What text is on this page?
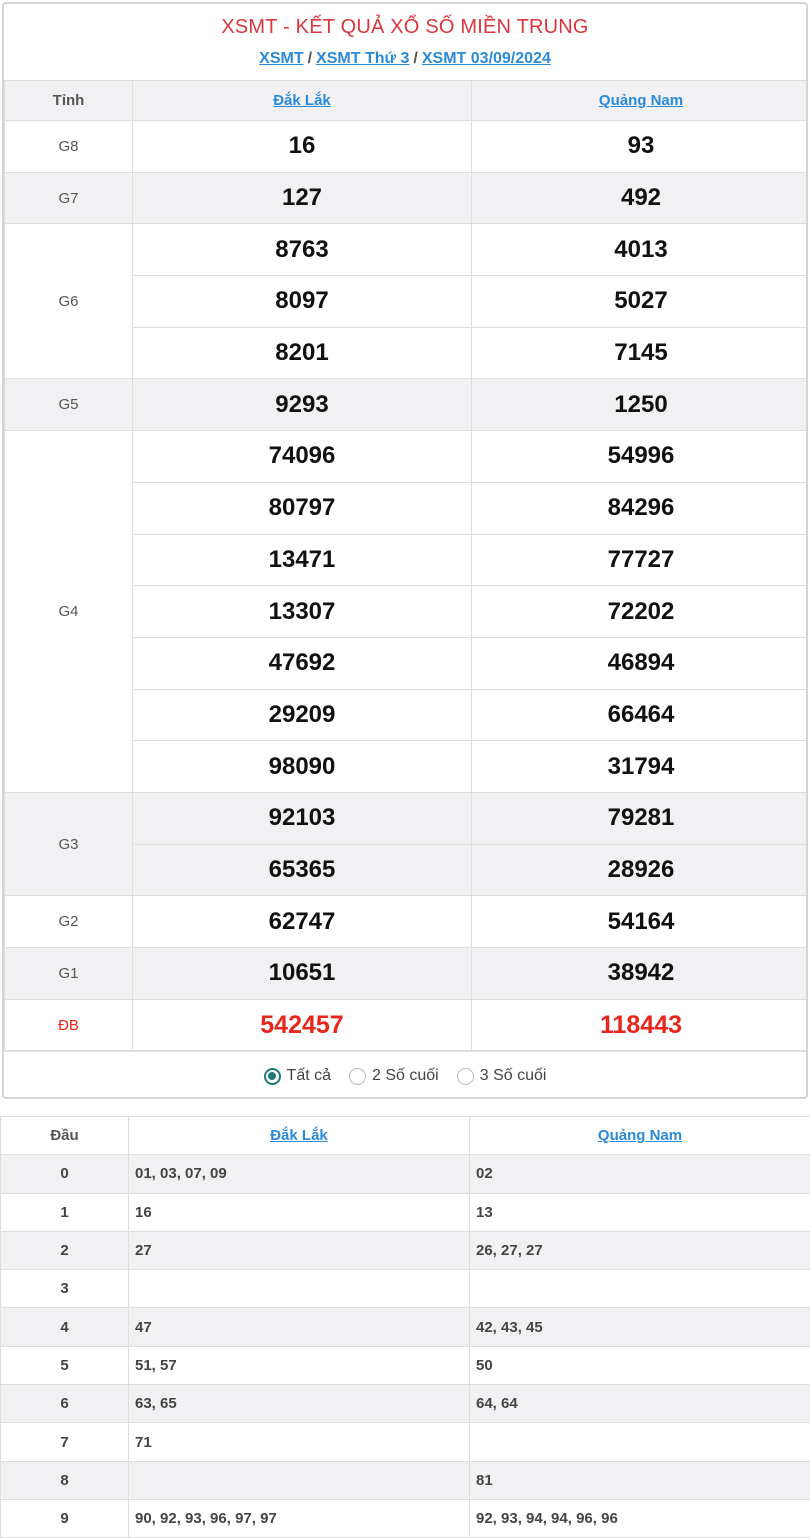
XSMT - KẾT QUẢ XỔ SỐ MIỀN TRUNG
XSMT / XSMT Thứ 3 / XSMT 03/09/2024
Tỉnh	Đắk Lắk	Quảng Nam
G8	16	93
G7	127	492
G6	8763	4013
	8097	5027
	8201	7145
G5	9293	1250
G4	74096	54996
	80797	84296
	13471	77727
	13307	72202
	47692	46894
	29209	66464
	98090	31794
G3	92103	79281
	65365	28926
G2	62747	54164
G1	10651	38942
ĐB	542457	118443
Tất cả	2 Số cuối	3 Số cuối
Đầu	Đắk Lắk	Quảng Nam
0	01, 03, 07, 09	02
1	16	13
2	27	26, 27, 27
3		
4	47	42, 43, 45
5	51, 57	50
6	63, 65	64, 64
7	71	
8		81
9	90, 92, 93, 96, 97, 97	92, 93, 94, 94, 96, 96
